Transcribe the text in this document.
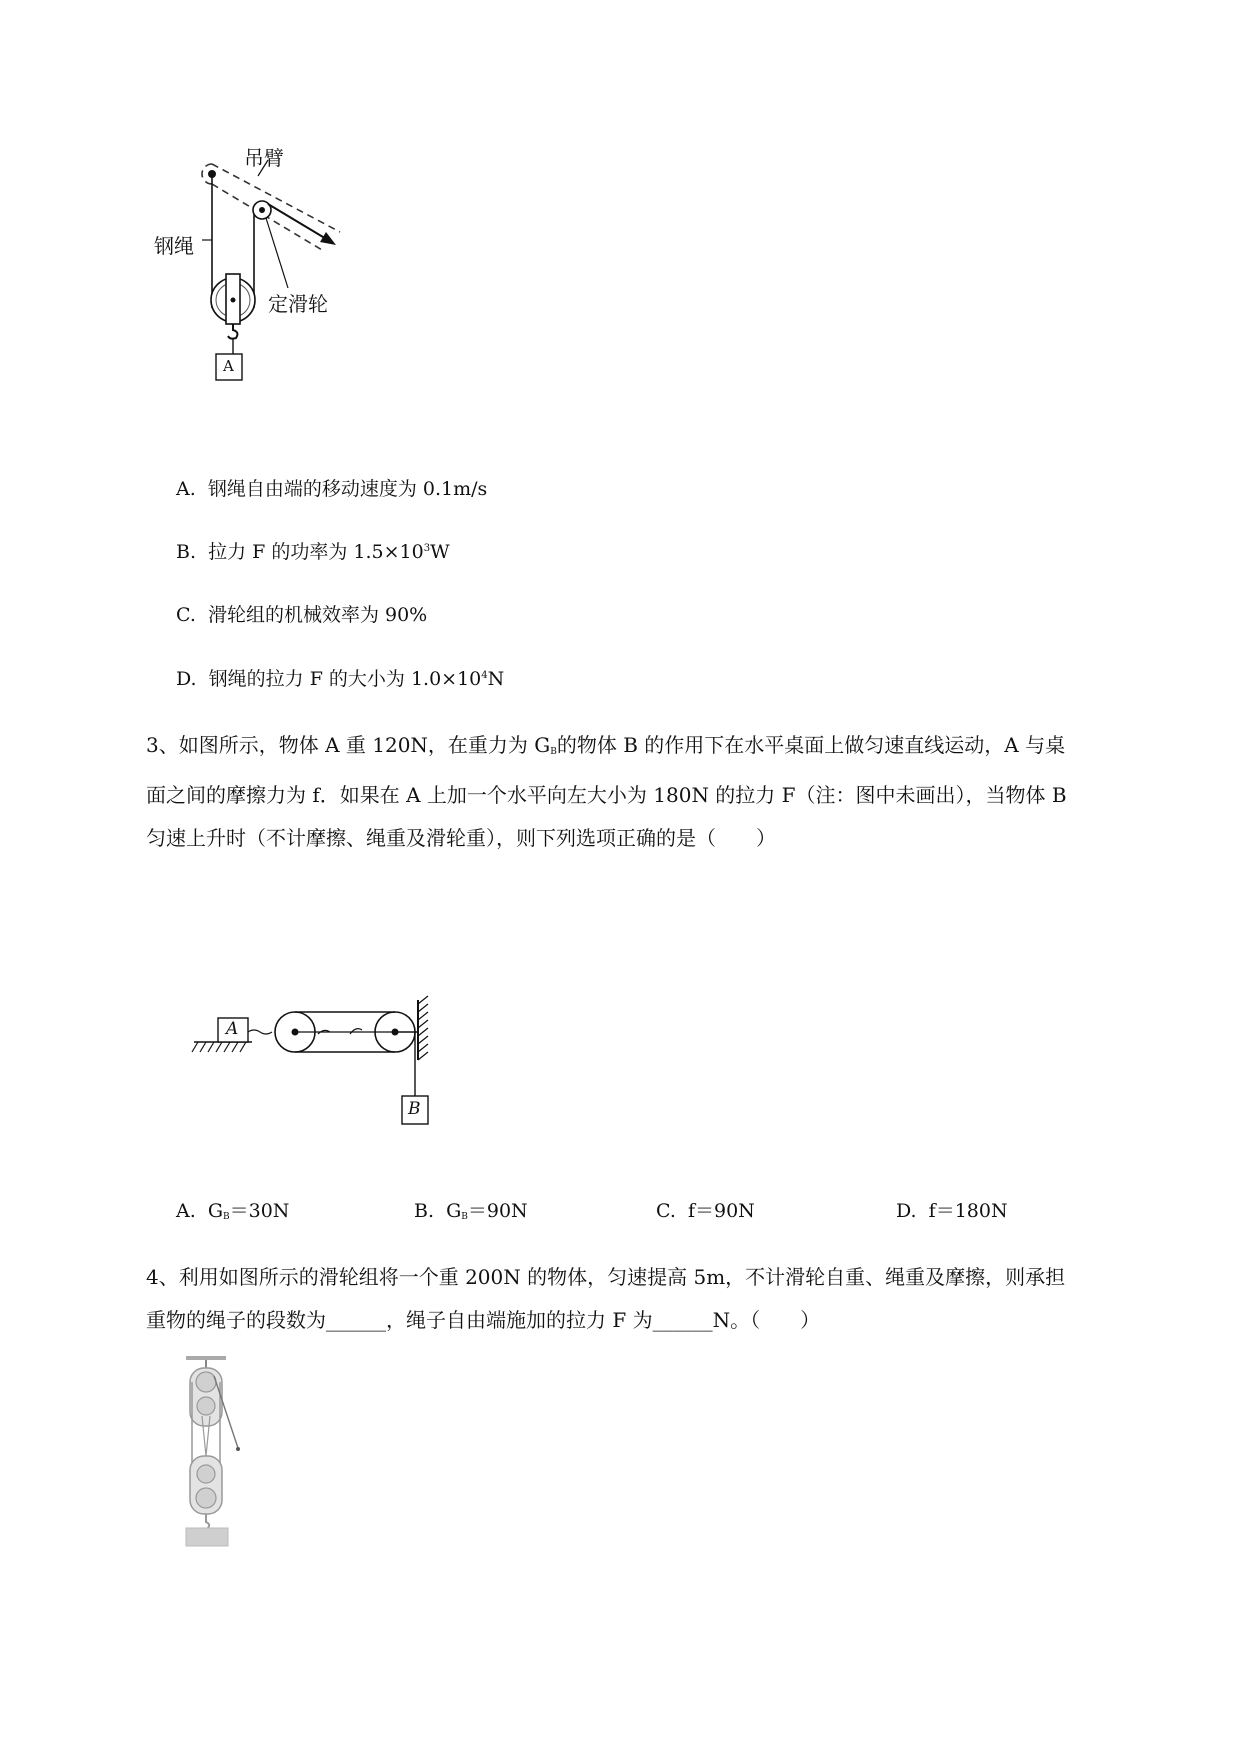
吊臂
钢绳
定滑轮
A
A. 钢绳自由端的移动速度为 0.1m/s
B. 拉力 F 的功率为 $1.5\times 10^3W$
C. 滑轮组的机械效率为 90%
D. 钢绳的拉力 F 的大小为 $1.0\times 10^4N$
3、如图所示，物体 A 重 120N，在重力为 $G_B$的物体 B 的作用下在水平桌面上做匀速直线运动，A 与桌
面之间的摩擦力为 f．如果在 A 上加一个水平向左大小为 180N 的拉力 F（注：图中未画出），当物体 B
匀速上升时（不计摩擦、绳重及滑轮重），则下列选项正确的是（　　）
A
B
A. $G_B=30N$	B. $G_B=90N$	C. f＝90N	D. f＝180N
4、利用如图所示的滑轮组将一个重 200N 的物体，匀速提高 5m，不计滑轮自重、绳重及摩擦，则承担
重物的绳子的段数为______，绳子自由端施加的拉力 F 为______N。（　　）
